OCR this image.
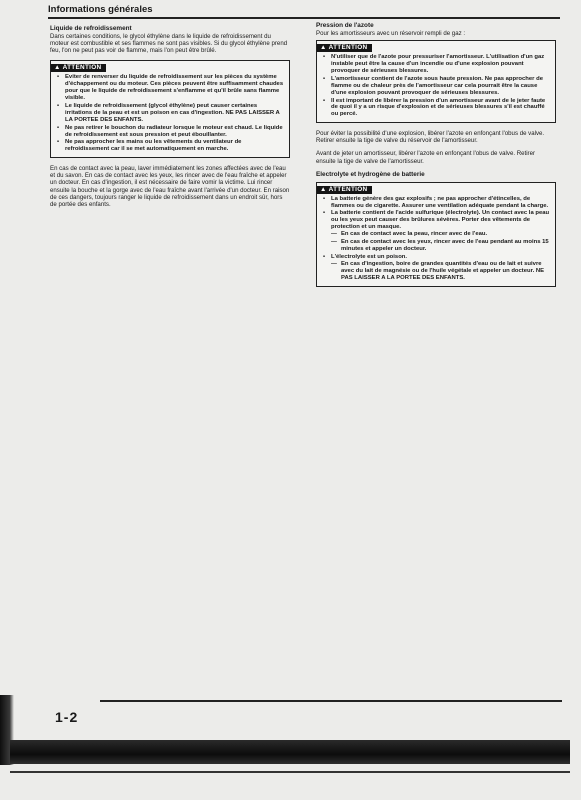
Informations générales
Liquide de refroidissement

Dans certaines conditions, le glycol éthylène dans le liquide de refroidissement du moteur est combustible et ses flammes ne sont pas visibles. Si du glycol éthylène prend feu, l'on ne peut pas voir de flamme, mais l'on peut être brûlé.

▲ ATTENTION
• Eviter de renverser du liquide de refroidissement sur les pièces du système d'échappement ou du moteur. Ces pièces peuvent être suffisamment chaudes pour que le liquide de refroidissement s'enflamme et qu'il brûle sans flamme visible.
• Le liquide de refroidissement (glycol éthylène) peut causer certaines irritations de la peau et est un poison en cas d'ingestion. NE PAS LAISSER A LA PORTEE DES ENFANTS.
• Ne pas retirer le bouchon du radiateur lorsque le moteur est chaud. Le liquide de refroidissement est sous pression et peut ébouillanter.
• Ne pas approcher les mains ou les vêtements du ventilateur de refroidissement car il se met automatiquement en marche.

En cas de contact avec la peau, laver immédiatement les zones affectées avec de l'eau et du savon. En cas de contact avec les yeux, les rincer avec de l'eau fraîche et appeler un docteur. En cas d'ingestion, il est nécessaire de faire vomir la victime. Lui rincer ensuite la bouche et la gorge avec de l'eau fraîche avant l'arrivée d'un docteur. En raison de ces dangers, toujours ranger le liquide de refroidissement dans un endroit sûr, hors de portée des enfants.

Pression de l'azote

Pour les amortisseurs avec un réservoir rempli de gaz :

▲ ATTENTION
• N'utiliser que de l'azote pour pressuriser l'amortisseur. L'utilisation d'un gaz instable peut être la cause d'un incendie ou d'une explosion pouvant provoquer de sérieuses blessures.
• L'amortisseur contient de l'azote sous haute pression. Ne pas approcher de flamme ou de chaleur près de l'amortisseur car cela pourrait être la cause d'une explosion pouvant provoquer de sérieuses blessures.
• Il est important de libérer la pression d'un amortisseur avant de le jeter faute de quoi il y a un risque d'explosion et de sérieuses blessures s'il est chauffé ou percé.

Pour éviter la possibilité d'une explosion, libérer l'azote en enfonçant l'obus de valve. Retirer ensuite la tige de valve du réservoir de l'amortisseur.

Avant de jeter un amortisseur, libérer l'azote en enfonçant l'obus de valve. Retirer ensuite la tige de valve de l'amortisseur.

Electrolyte et hydrogène de batterie
▲ ATTENTION
• La batterie génère des gaz explosifs ; ne pas approcher d'étincelles, de flammes ou de cigarette. Assurer une ventilation adéquate pendant la charge.
• La batterie contient de l'acide sulfurique (électrolyte). Un contact avec la peau ou les yeux peut causer des brûlures sévères. Porter des vêtements de protection et un masque.
— En cas de contact avec la peau, rincer avec de l'eau.
— En cas de contact avec les yeux, rincer avec de l'eau pendant au moins 15 minutes et appeler un docteur.
• L'électrolyte est un poison.
— En cas d'ingestion, boire de grandes quantités d'eau ou de lait et suivre avec du lait de magnésie ou de l'huile végétale et appeler un docteur. NE PAS LAISSER A LA PORTEE DES ENFANTS.
1-2
